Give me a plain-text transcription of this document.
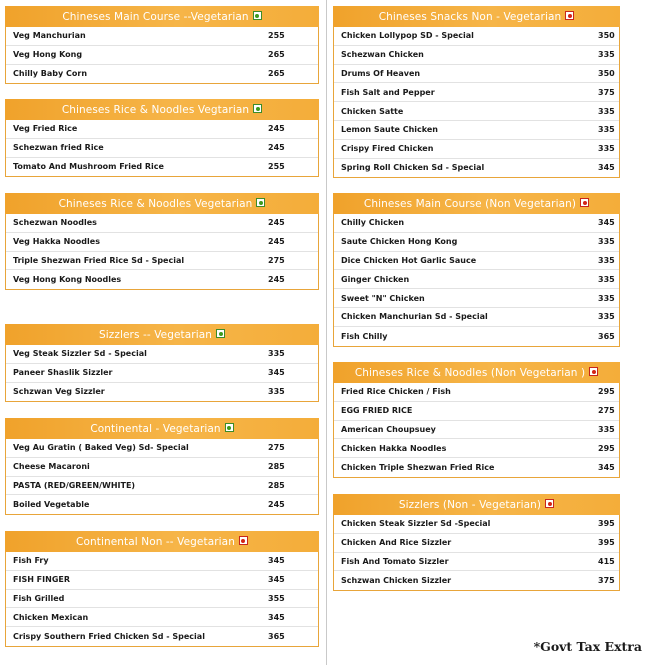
Chineses Main Course --Vegetarian
Veg Manchurian	255
Veg Hong Kong	265
Chilly Baby Corn	265
Chineses Rice & Noodles Vegtarian
Veg Fried Rice	245
Schezwan fried Rice	245
Tomato And Mushroom Fried Rice	255
Chineses Rice & Noodles Vegetarian
Schezwan Noodles	245
Veg Hakka Noodles	245
Triple Shezwan Fried Rice Sd - Special	275
Veg Hong Kong Noodles	245
Sizzlers -- Vegetarian
Veg Steak Sizzler Sd - Special	335
Paneer Shaslik Sizzler	345
Schzwan Veg Sizzler	335
Continental - Vegetarian
Veg Au Gratin ( Baked Veg) Sd- Special	275
Cheese Macaroni	285
PASTA (RED/GREEN/WHITE)	285
Boiled Vegetable	245
Continental Non -- Vegetarian
Fish Fry	345
FISH FINGER	345
Fish Grilled	355
Chicken Mexican	345
Crispy Southern Fried Chicken Sd - Special	365
Chineses Snacks Non - Vegetarian
Chicken Lollypop SD - Special	350
Schezwan Chicken	335
Drums Of Heaven	350
Fish Salt and Pepper	375
Chicken Satte	335
Lemon Saute Chicken	335
Crispy Fired Chicken	335
Spring Roll Chicken Sd - Special	345
Chineses Main Course (Non Vegetarian)
Chilly Chicken	345
Saute Chicken Hong Kong	335
Dice Chicken Hot Garlic Sauce	335
Ginger Chicken	335
Sweet "N" Chicken	335
Chicken Manchurian Sd - Special	335
Fish Chilly	365
Chineses Rice & Noodles (Non Vegetarian )
Fried Rice Chicken / Fish	295
EGG FRIED RICE	275
American Choupsuey	335
Chicken Hakka Noodles	295
Chicken Triple Shezwan Fried Rice	345
Sizzlers (Non - Vegetarian)
Chicken Steak Sizzler Sd -Special	395
Chicken And Rice Sizzler	395
Fish And Tomato Sizzler	415
Schzwan Chicken Sizzler	375
*Govt Tax Extra
